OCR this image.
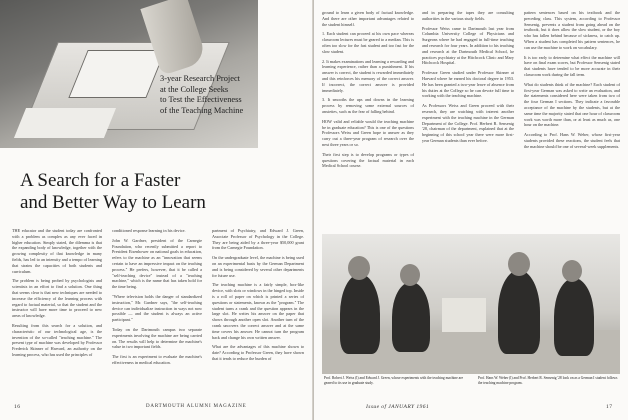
3-year Research Project
at the College Seeks
to Test the Effectiveness
of the Teaching Machine
A Search for a Faster
and Better Way to Learn

THE educator and the student today are confronted with a problem as complex as any ever faced in higher education. Simply stated, the dilemma is that the expanding body of knowledge, together with the growing complexity of that knowledge in many fields, has led to an intensity and a tempo of learning that strains the capacities of both students and curriculum.

The problem is being probed by psychologists and scientists in an effort to find a solution. One thing that seems clear is that new techniques are needed to increase the efficiency of the learning process with regard to factual material, so that the student and the instructor will have more time to proceed to new areas of knowledge.

Resulting from this search for a solution, and characteristic of our technological age, is the invention of the so-called "teaching machine." The present type of machine was developed by Professor Frederick Skinner of Harvard, an authority on the learning process, who has used the principles of

conditioned response learning in his device.

John W. Gardner, president of the Carnegie Foundation, who recently submitted a report to President Eisenhower on national goals in education, refers to the machine as an "innovation that seems certain to have an impressive impact on the teaching process." He prefers, however, that it be called a "self-teaching device" instead of a "teaching machine," which is the name that has taken hold for the time being.

"Where television holds the danger of standardized instruction," Mr. Gardner says, "the self-teaching device can individualize instruction in ways not now possible — and the student is always an active participant."

Today on the Dartmouth campus two separate experiments involving the machine are being carried on. The results will help to determine the machine's value in two important fields.

The first is an experiment to evaluate the machine's effectiveness in medical education.

partment of Psychiatry, and Edward J. Green, Associate Professor of Psychology in the College. They are being aided by a three-year $50,000 grant from the Carnegie Foundation.

On the undergraduate level, the machine is being used on an experimental basis by the German Department and is being considered by several other departments for future use.

The teaching machine is a fairly simple, box-like device, with slots or windows in the hinged top. Inside is a roll of paper on which is printed a series of questions or statements, known as the "program." The student turns a crank and the question appears in the large slot. He writes his answer on the paper that shows through another open slot. Another turn of the crank uncovers the correct answer and at the same time covers his answer. He cannot turn the program back and change his own written answer.

What are the advantages of this machine shown to date? According to Professor Green, they have shown that it tends to reduce the burden of

ground to learn a given body of factual knowledge. And there are other important advantages related to the student himself.

1. Each student can proceed at his own pace whereas classroom lectures must be geared to a median. This is often too slow for the fast student and too fast for the slow student.

2. It makes examinations and learning a rewarding and learning experience, rather than a punishment. If his answer is correct, the student is rewarded immediately and this reinforces his memory of the correct answer. If incorrect, the correct answer is provided immediately.

3. It smooths the ups and downs in the learning process by removing some external sources of anxieties, such as the fear of falling behind.

HOW valid and reliable would the teaching machine be in graduate education? This is one of the questions Professors Weiss and Green hope to answer as they carry out a three-year program of research over the next three years or so.

Their first step is to develop programs or types of questions covering the factual material in each Medical School course.

and in preparing the tapes they are consulting authorities in the various study fields.

Professor Weiss came to Dartmouth last year from Columbia University College of Physicians and Surgeons where he had engaged in full-time teaching and research for four years. In addition to his teaching and research at the Dartmouth Medical School, he practices psychiatry at the Hitchcock Clinic and Mary Hitchcock Hospital.

Professor Green studied under Professor Skinner at Harvard where he earned his doctoral degree in 1953. He has been granted a two-year leave of absence from his duties at the College so he can devote full time to working with the teaching machine.

As Professors Weiss and Green proceed with their research, they are watching with interest another experiment with the teaching machine in the German Department of the College. Prof. Herbert R. Sensenig '28, chairman of the department, explained that at the beginning of this school year there were more first-year German students than ever before.

pattern sentences based on his textbook and the preceding class. This system, according to Professor Sensenig, prevents a student from going ahead on the textbook, but it does allow the slow student, or the boy who has fallen behind because of sickness, to catch up. When a student has completed his pattern sentences, he can use the machine to work on vocabulary.

It is too early to determine what effect the machine will have on final exam scores, but Professor Sensenig stated that students have tended to be more accurate in their classroom work during the fall term.

What do students think of the machine? Each student of first-year German was asked to write an evaluation, and the statements considered here were taken from two of the four German I sections. They indicate a favorable acceptance of the machine by the students, but at the same time the majority stated that one hour of classroom work was worth more than, or at least as much as, one hour on the machine.

According to Prof. Hans W. Weber, whose first-year students provided these reactions, the student feels that the machine should be one of several-week supplements.

Prof. Robert J. Weiss (l) and Edward J. Green, whose experiments with the teaching machine are geared to its use in graduate study.
Prof. Hans W. Weber (l) and Prof. Herbert R. Sensenig '28 look on as a German I student follows the teaching machine program.
16	DARTMOUTH ALUMNI MAGAZINE	Issue of JANUARY 1961	17
